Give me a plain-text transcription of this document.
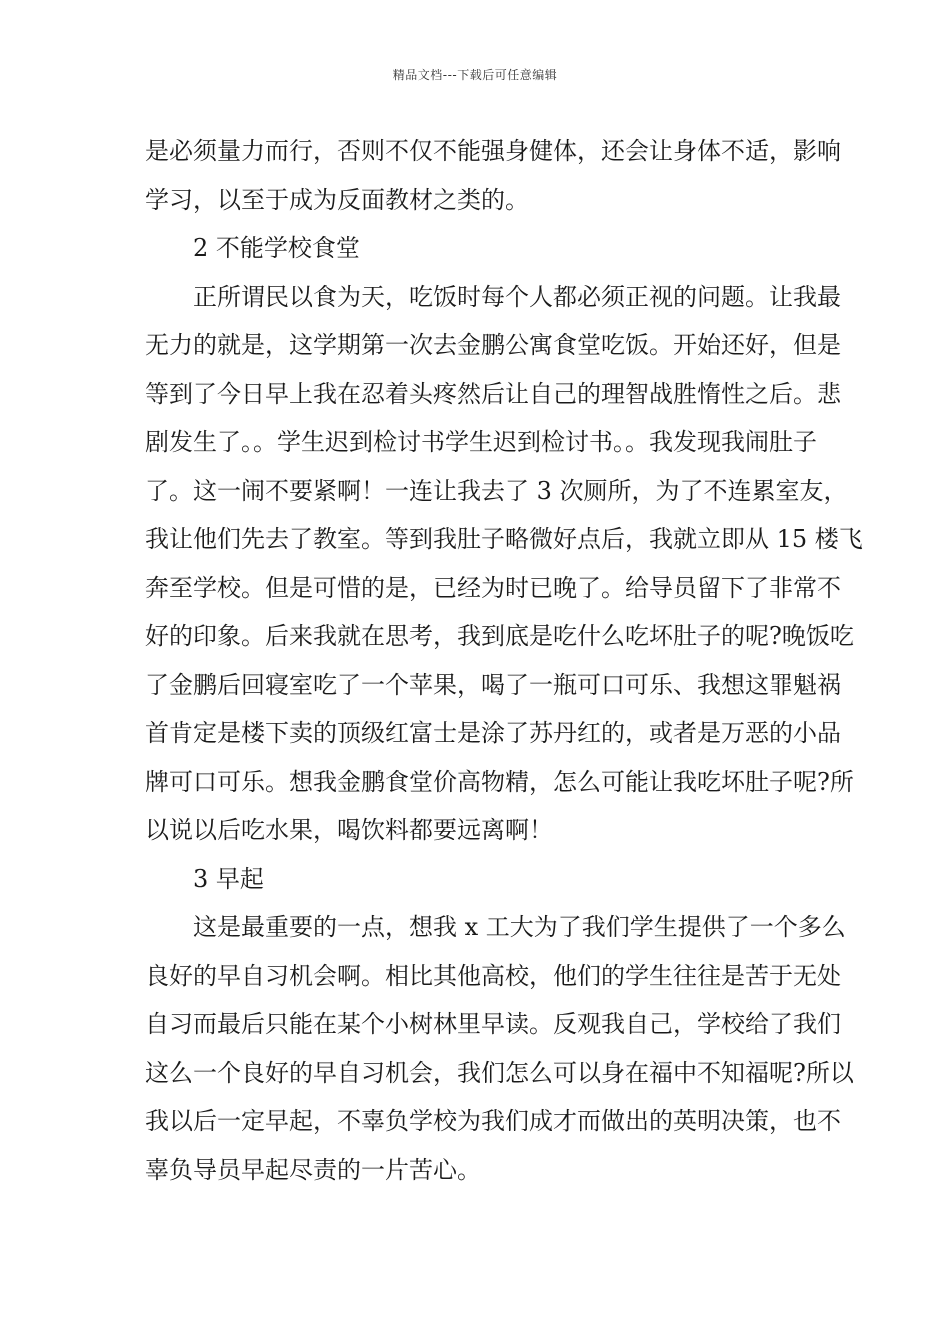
精品文档---下载后可任意编辑
是必须量力而行，否则不仅不能强身健体，还会让身体不适，影响
学习，以至于成为反面教材之类的。
2 不能学校食堂
正所谓民以食为天，吃饭时每个人都必须正视的问题。让我最
无力的就是，这学期第一次去金鹏公寓食堂吃饭。开始还好，但是
等到了今日早上我在忍着头疼然后让自己的理智战胜惰性之后。悲
剧发生了。。学生迟到检讨书学生迟到检讨书。。我发现我闹肚子
了。这一闹不要紧啊！一连让我去了 3 次厕所，为了不连累室友，
我让他们先去了教室。等到我肚子略微好点后，我就立即从 15 楼飞
奔至学校。但是可惜的是，已经为时已晚了。给导员留下了非常不
好的印象。后来我就在思考，我到底是吃什么吃坏肚子的呢?晚饭吃
了金鹏后回寝室吃了一个苹果，喝了一瓶可口可乐、我想这罪魁祸
首肯定是楼下卖的顶级红富士是涂了苏丹红的，或者是万恶的小品
牌可口可乐。想我金鹏食堂价高物精，怎么可能让我吃坏肚子呢?所
以说以后吃水果，喝饮料都要远离啊！
3 早起
这是最重要的一点，想我 x 工大为了我们学生提供了一个多么
良好的早自习机会啊。相比其他高校，他们的学生往往是苦于无处
自习而最后只能在某个小树林里早读。反观我自己，学校给了我们
这么一个良好的早自习机会，我们怎么可以身在福中不知福呢?所以
我以后一定早起，不辜负学校为我们成才而做出的英明决策，也不
辜负导员早起尽责的一片苦心。
